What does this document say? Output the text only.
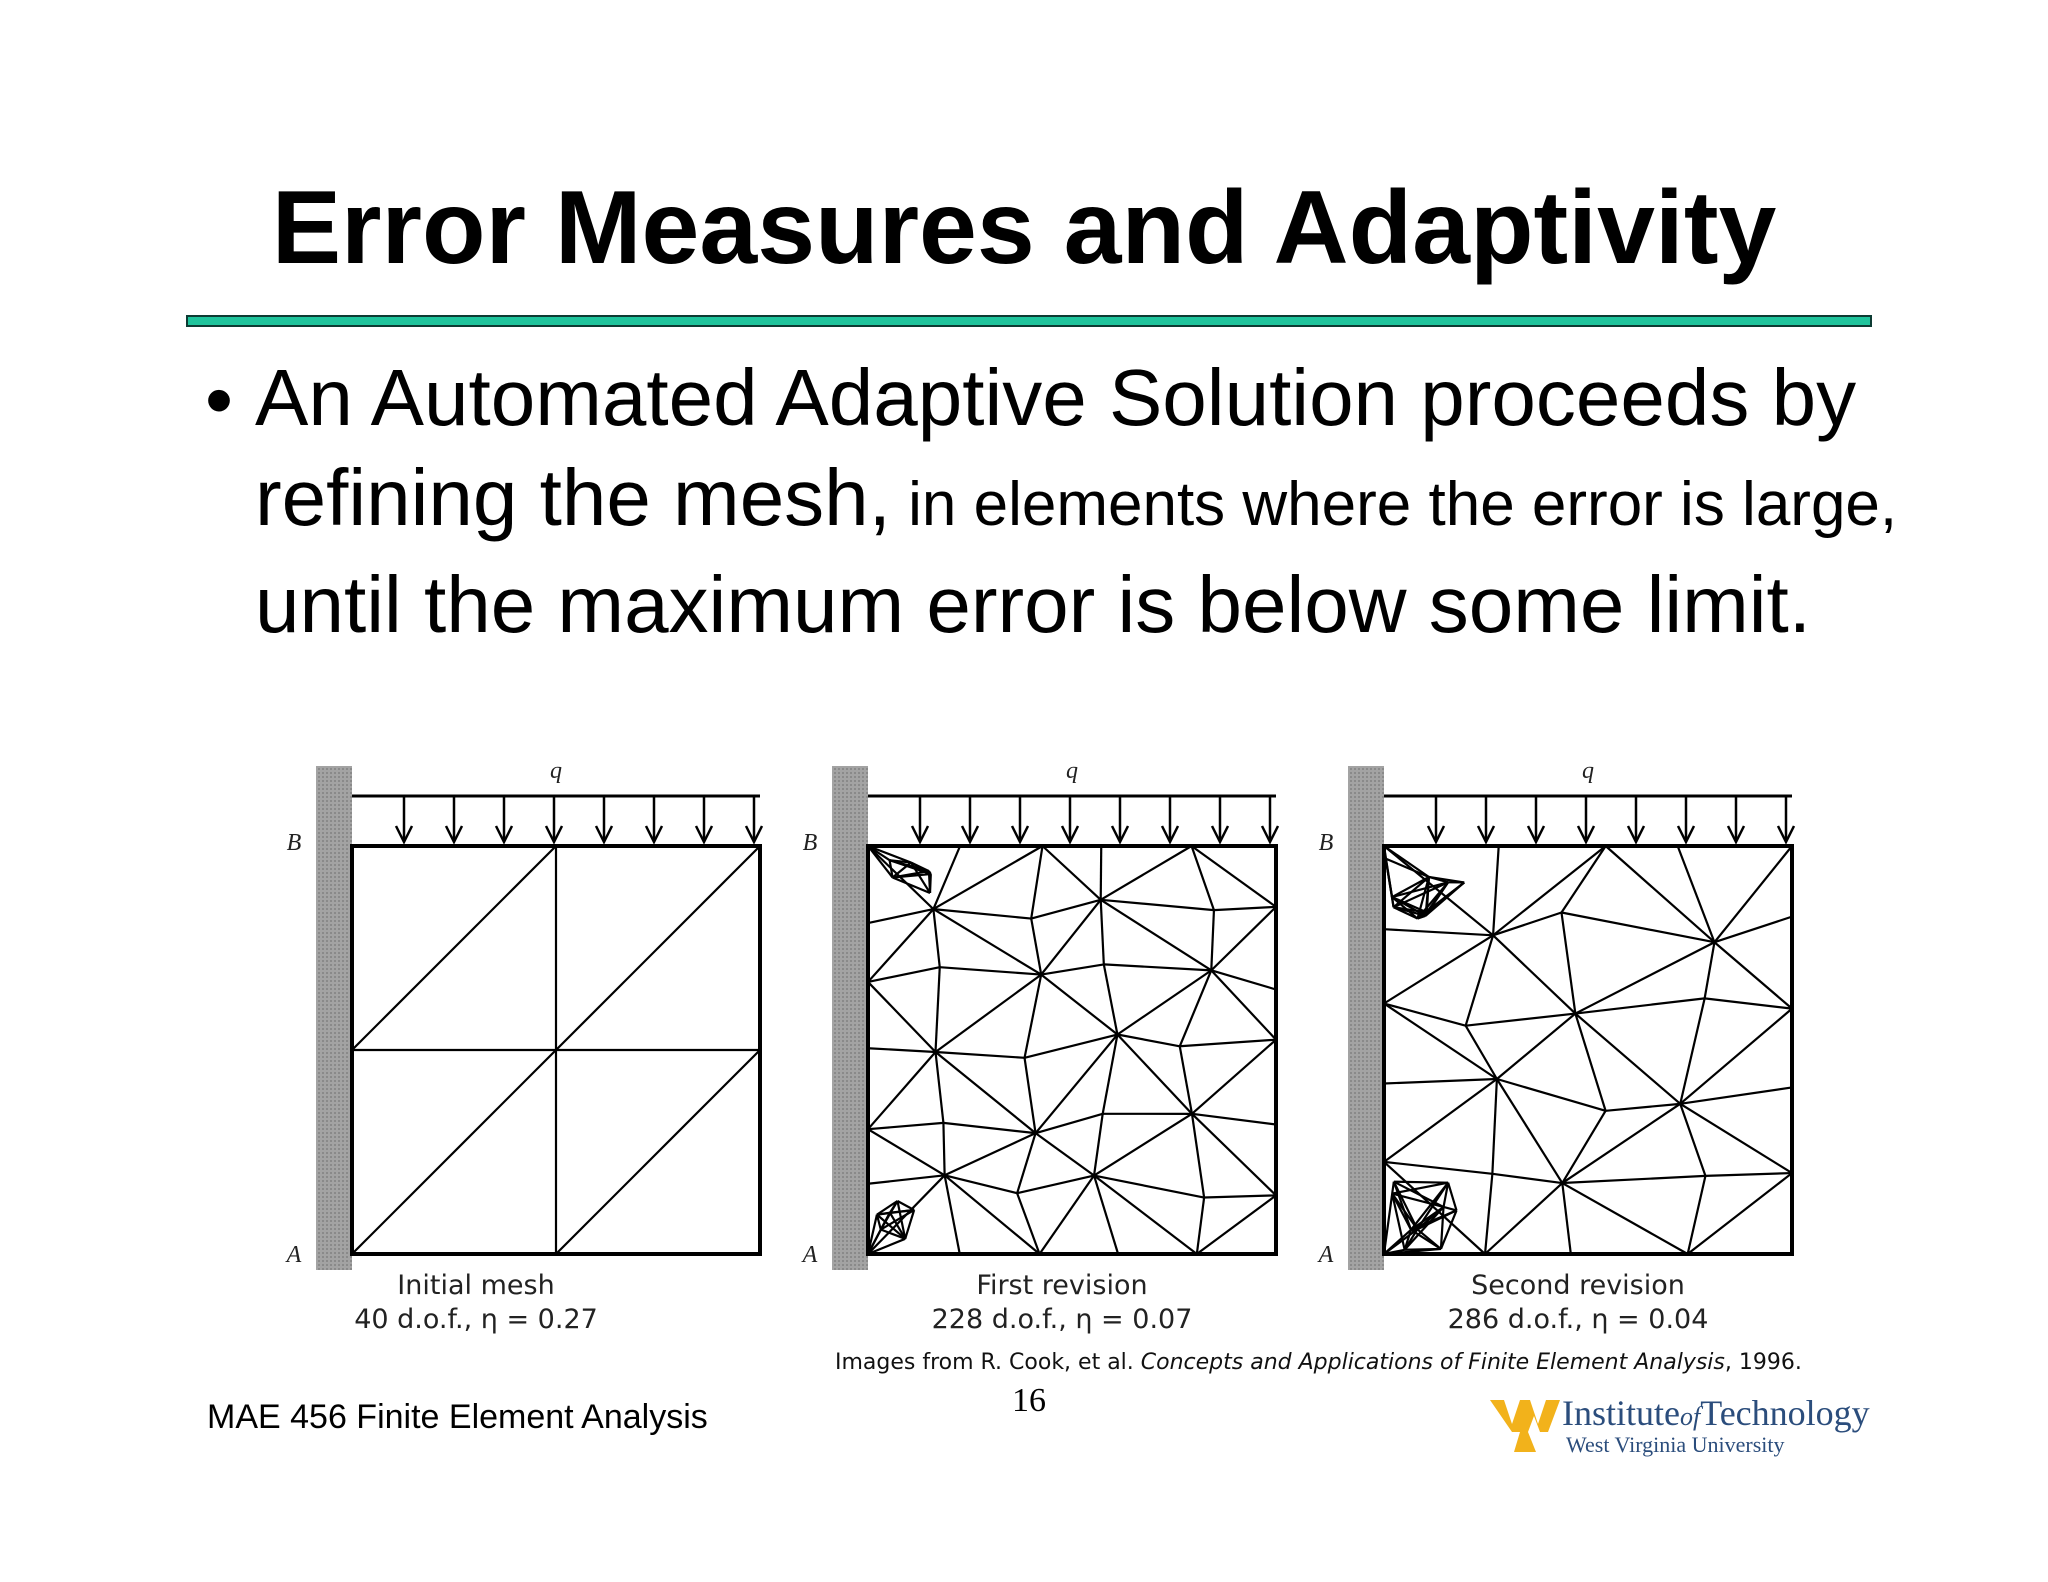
Error Measures and Adaptivity
• An Automated Adaptive Solution proceeds by refining the mesh, in elements where the error is large, until the maximum error is below some limit.
q
B
A
Initial mesh
40 d.o.f., η = 0.27
q
B
A
First revision
228 d.o.f., η = 0.07
q
B
A
Second revision
286 d.o.f., η = 0.04
Images from R. Cook, et al. Concepts and Applications of Finite Element Analysis, 1996.
MAE 456 Finite Element Analysis	16	InstituteofTechnology
West Virginia University
